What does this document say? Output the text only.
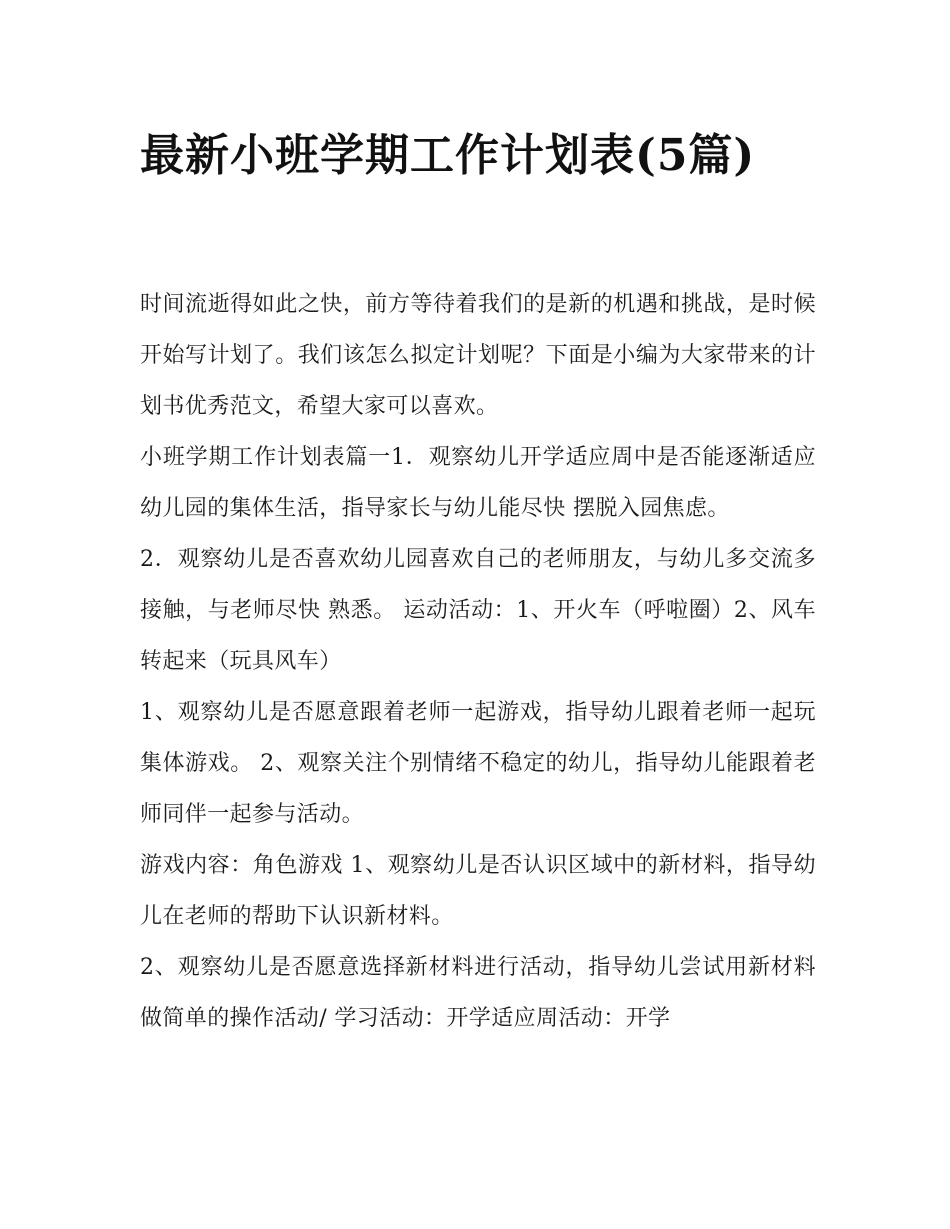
最新小班学期工作计划表(5篇)

时间流逝得如此之快，前方等待着我们的是新的机遇和挑战，是时候开始写计划了。我们该怎么拟定计划呢？下面是小编为大家带来的计划书优秀范文，希望大家可以喜欢。

小班学期工作计划表篇一1．观察幼儿开学适应周中是否能逐渐适应幼儿园的集体生活，指导家长与幼儿能尽快 摆脱入园焦虑。

2．观察幼儿是否喜欢幼儿园喜欢自己的老师朋友，与幼儿多交流多接触，与老师尽快 熟悉。 运动活动：1、开火车（呼啦圈）2、风车转起来（玩具风车）

1、观察幼儿是否愿意跟着老师一起游戏，指导幼儿跟着老师一起玩集体游戏。 2、观察关注个别情绪不稳定的幼儿，指导幼儿能跟着老师同伴一起参与活动。

游戏内容：角色游戏 1、观察幼儿是否认识区域中的新材料，指导幼儿在老师的帮助下认识新材料。

2、观察幼儿是否愿意选择新材料进行活动，指导幼儿尝试用新材料做简单的操作活动/ 学习活动：开学适应周活动：开学
